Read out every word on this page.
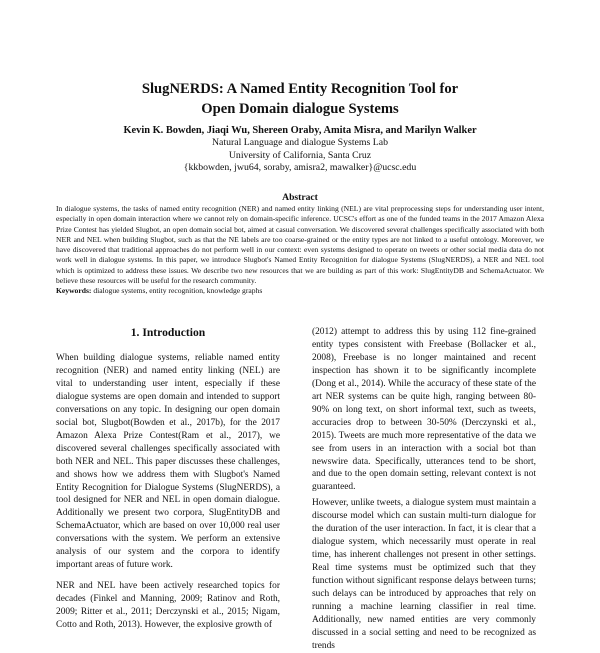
SlugNERDS: A Named Entity Recognition Tool for
Open Domain dialogue Systems
Kevin K. Bowden, Jiaqi Wu, Shereen Oraby, Amita Misra, and Marilyn Walker
Natural Language and dialogue Systems Lab
University of California, Santa Cruz
{kkbowden, jwu64, soraby, amisra2, mawalker}@ucsc.edu
Abstract
In dialogue systems, the tasks of named entity recognition (NER) and named entity linking (NEL) are vital preprocessing steps for understanding user intent, especially in open domain interaction where we cannot rely on domain-specific inference. UCSC's effort as one of the funded teams in the 2017 Amazon Alexa Prize Contest has yielded Slugbot, an open domain social bot, aimed at casual conversation. We discovered several challenges specifically associated with both NER and NEL when building Slugbot, such as that the NE labels are too coarse-grained or the entity types are not linked to a useful ontology. Moreover, we have discovered that traditional approaches do not perform well in our context: even systems designed to operate on tweets or other social media data do not work well in dialogue systems. In this paper, we introduce Slugbot's Named Entity Recognition for dialogue Systems (SlugNERDS), a NER and NEL tool which is optimized to address these issues. We describe two new resources that we are building as part of this work: SlugEntityDB and SchemaActuator. We believe these resources will be useful for the research community.
Keywords: dialogue systems, entity recognition, knowledge graphs
1. Introduction

When building dialogue systems, reliable named entity recognition (NER) and named entity linking (NEL) are vital to understanding user intent, especially if these dialogue systems are open domain and intended to support conversations on any topic. In designing our open domain social bot, Slugbot(Bowden et al., 2017b), for the 2017 Amazon Alexa Prize Contest(Ram et al., 2017), we discovered several challenges specifically associated with both NER and NEL. This paper discusses these challenges, and shows how we address them with Slugbot's Named Entity Recognition for Dialogue Systems (SlugNERDS), a tool designed for NER and NEL in open domain dialogue. Additionally we present two corpora, SlugEntityDB and SchemaActuator, which are based on over 10,000 real user conversations with the system. We perform an extensive analysis of our system and the corpora to identify important areas of future work.

NER and NEL have been actively researched topics for decades (Finkel and Manning, 2009; Ratinov and Roth, 2009; Ritter et al., 2011; Derczynski et al., 2015; Nigam, Cotto and Roth, 2013). However, the explosive growth of

(2012) attempt to address this by using 112 fine-grained entity types consistent with Freebase (Bollacker et al., 2008), Freebase is no longer maintained and recent inspection has shown it to be significantly incomplete (Dong et al., 2014). While the accuracy of these state of the art NER systems can be quite high, ranging between 80-90% on long text, on short informal text, such as tweets, accuracies drop to between 30-50% (Derczynski et al., 2015). Tweets are much more representative of the data we see from users in an interaction with a social bot than newswire data. Specifically, utterances tend to be short, and due to the open domain setting, relevant context is not guaranteed.

However, unlike tweets, a dialogue system must maintain a discourse model which can sustain multi-turn dialogue for the duration of the user interaction. In fact, it is clear that a dialogue system, which necessarily must operate in real time, has inherent challenges not present in other settings. Real time systems must be optimized such that they function without significant response delays between turns; such delays can be introduced by approaches that rely on running a machine learning classifier in real time. Additionally, new named entities are very commonly discussed in a social setting and need to be recognized as trends
